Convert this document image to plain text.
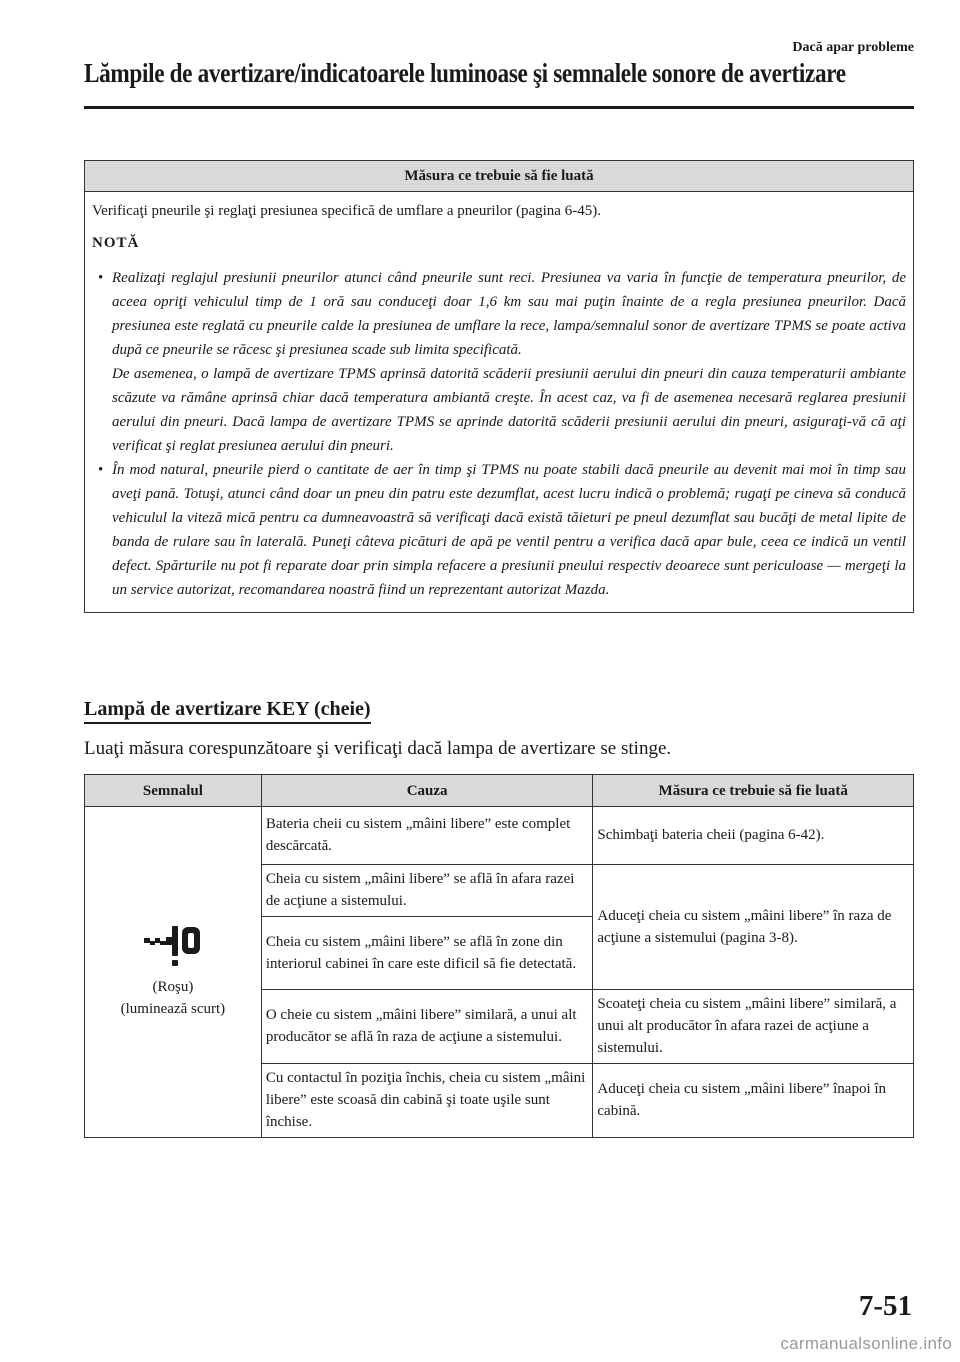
Dacă apar probleme
Lămpile de avertizare/indicatoarele luminoase şi semnalele sonore de avertizare
Măsura ce trebuie să fie luată
Verificaţi pneurile şi reglaţi presiunea specifică de umflare a pneurilor (pagina 6-45).
NOTĂ
• Realizaţi reglajul presiunii pneurilor atunci când pneurile sunt reci. Presiunea va varia în funcţie de temperatura pneurilor, de aceea opriţi vehiculul timp de 1 oră sau conduceţi doar 1,6 km sau mai puţin înainte de a regla presiunea pneurilor. Dacă presiunea este reglată cu pneurile calde la presiunea de umflare la rece, lampa/semnalul sonor de avertizare TPMS se poate activa după ce pneurile se răcesc şi presiunea scade sub limita specificată.

De asemenea, o lampă de avertizare TPMS aprinsă datorită scăderii presiunii aerului din pneuri din cauza temperaturii ambiante scăzute va rămâne aprinsă chiar dacă temperatura ambiantă creşte. În acest caz, va fi de asemenea necesară reglarea presiunii aerului din pneuri. Dacă lampa de avertizare TPMS se aprinde datorită scăderii presiunii aerului din pneuri, asiguraţi-vă că aţi verificat şi reglat presiunea aerului din pneuri.

• În mod natural, pneurile pierd o cantitate de aer în timp şi TPMS nu poate stabili dacă pneurile au devenit mai moi în timp sau aveţi pană. Totuşi, atunci când doar un pneu din patru este dezumflat, acest lucru indică o problemă; rugaţi pe cineva să conducă vehiculul la viteză mică pentru ca dumneavoastră să verificaţi dacă există tăieturi pe pneul dezumflat sau bucăţi de metal lipite de banda de rulare sau în laterală. Puneţi câteva picături de apă pe ventil pentru a verifica dacă apar bule, ceea ce indică un ventil defect. Spărturile nu pot fi reparate doar prin simpla refacere a presiunii pneului respectiv deoarece sunt periculoase — mergeţi la un service autorizat, recomandarea noastră fiind un reprezentant autorizat Mazda.

Lampă de avertizare KEY (cheie)
Luaţi măsura corespunzătoare şi verificaţi dacă lampa de avertizare se stinge.
Semnalul	Cauza	Măsura ce trebuie să fie luată

(Roşu)
(luminează scurt)	Bateria cheii cu sistem „mâini libere” este complet descărcată.	Schimbaţi bateria cheii (pagina 6-42).
	Cheia cu sistem „mâini libere” se află în afara razei de acţiune a sistemului.	Aduceţi cheia cu sistem „mâini libere” în raza de acţiune a sistemului (pagina 3-8).
	Cheia cu sistem „mâini libere” se află în zone din interiorul cabinei în care este dificil să fie detectată.	
	O cheie cu sistem „mâini libere” similară, a unui alt producător se află în raza de acţiune a sistemului.	Scoateţi cheia cu sistem „mâini libere” similară, a unui alt producător în afara razei de acţiune a sistemului.
	Cu contactul în poziţia închis, cheia cu sistem „mâini libere” este scoasă din cabină şi toate uşile sunt închise.	Aduceţi cheia cu sistem „mâini libere” înapoi în cabină.
7-51
carmanualsonline.info
